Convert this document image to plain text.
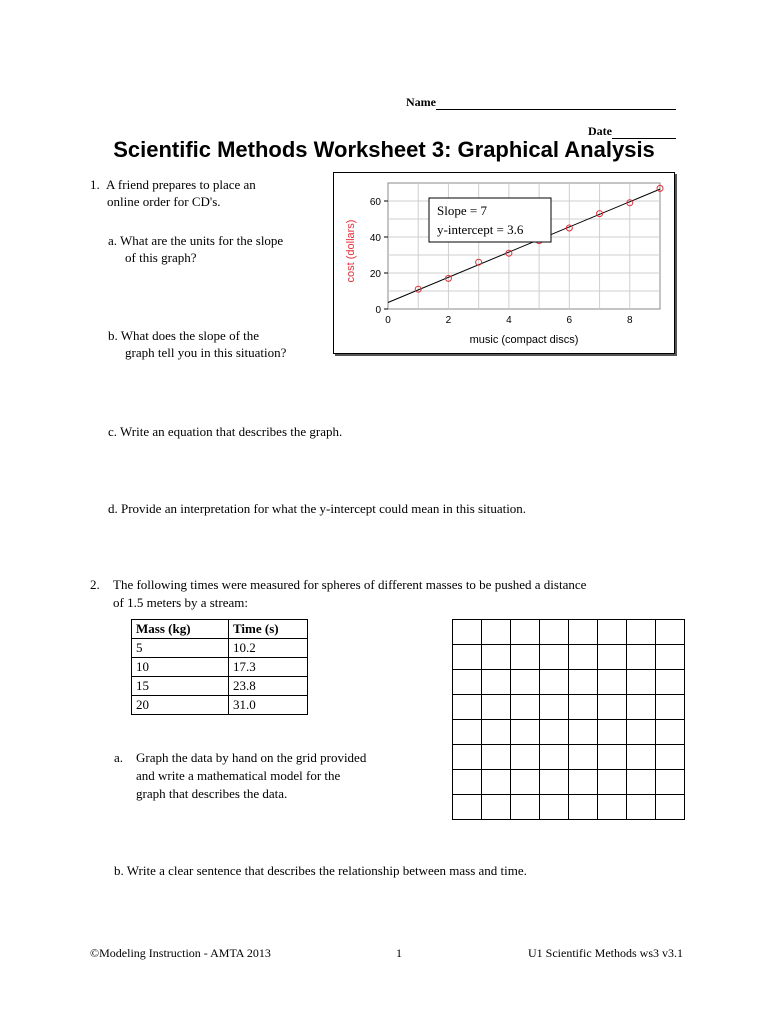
Name
Date
Scientific Methods Worksheet 3: Graphical Analysis
1. A friend prepares to place an
online order for CD's.
a. What are the units for the slope
of this graph?
b. What does the slope of the
graph tell you in this situation?
c. Write an equation that describes the graph.
d. Provide an interpretation for what the y-intercept could mean in this situation.
0	2	4	6	8
0
20
40
60
music (compact discs)
cost (dollars)
Slope = 7
y-intercept = 3.6
2. The following times were measured for spheres of different masses to be pushed a distance
of 1.5 meters by a stream:
Mass (kg)	Time (s)
5	10.2
10	17.3
15	23.8
20	31.0

a. Graph the data by hand on the grid provided
and write a mathematical model for the
graph that describes the data.
b. Write a clear sentence that describes the relationship between mass and time.
©Modeling Instruction - AMTA 2013	1	U1 Scientific Methods ws3 v3.1
